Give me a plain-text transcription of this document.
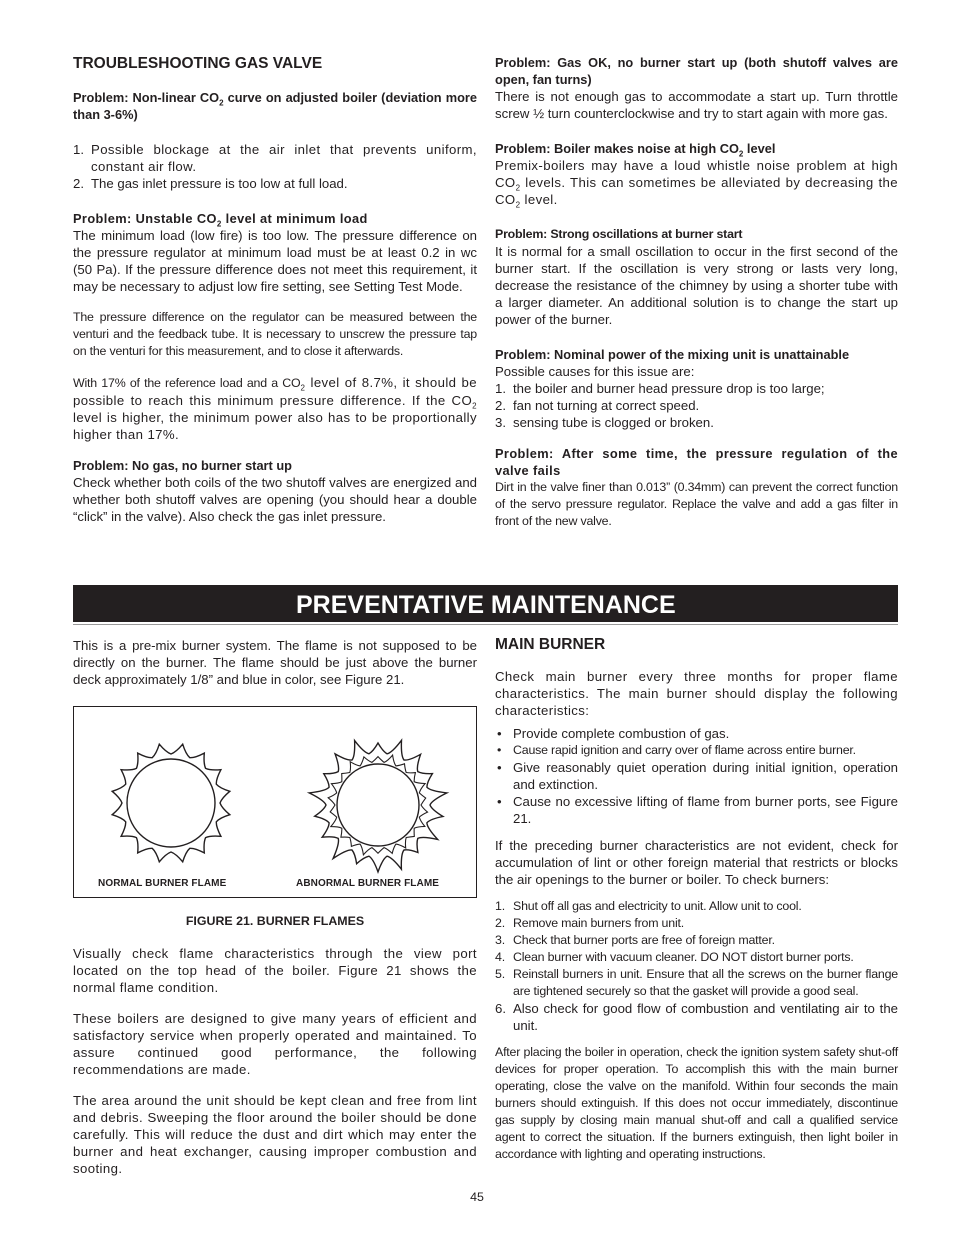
TROUBLESHOOTING GAS VALVE
Problem: Non-linear $CO_2$ curve on adjusted boiler (deviation more than 3-6%)
1. Possible blockage at the air inlet that prevents uniform, constant air flow.
2. The gas inlet pressure is too low at full load.
Problem: Unstable $CO_2$ level at minimum load

The minimum load (low fire) is too low. The pressure difference on the pressure regulator at minimum load must be at least 0.2 in wc (50 Pa). If the pressure difference does not meet this requirement, it may be necessary to adjust low fire setting, see Setting Test Mode.

The pressure difference on the regulator can be measured between the venturi and the feedback tube. It is necessary to unscrew the pressure tap on the venturi for this measurement, and to close it afterwards.

With 17% of the reference load and a $CO_2$ level of 8.7%, it should be possible to reach this minimum pressure difference. If the $CO_2$ level is higher, the minimum power also has to be proportionally higher than 17%.

Problem: No gas, no burner start up

Check whether both coils of the two shutoff valves are energized and whether both shutoff valves are opening (you should hear a double “click” in the valve). Also check the gas inlet pressure.

Problem: Gas OK, no burner start up (both shutoff valves are open, fan turns)

There is not enough gas to accommodate a start up. Turn throttle screw ½ turn counterclockwise and try to start again with more gas.

Problem: Boiler makes noise at high $CO_2$ level

Premix-boilers may have a loud whistle noise problem at high $CO_2$ levels. This can sometimes be alleviated by decreasing the $CO_2$ level.

Problem: Strong oscillations at burner start

It is normal for a small oscillation to occur in the first second of the burner start. If the oscillation is very strong or lasts very long, decrease the resistance of the chimney by using a shorter tube with a larger diameter. An additional solution is to change the start up power of the burner.

Problem: Nominal power of the mixing unit is unattainable

Possible causes for this issue are:

1. the boiler and burner head pressure drop is too large;
2. fan not turning at correct speed.
3. sensing tube is clogged or broken.
Problem: After some time, the pressure regulation of the valve fails

Dirt in the valve finer than 0.013” (0.34mm) can prevent the correct function of the servo pressure regulator. Replace the valve and add a gas filter in front of the new valve.

PREVENTATIVE MAINTENANCE

This is a pre-mix burner system. The flame is not supposed to be directly on the burner. The flame should be just above the burner deck approximately 1/8” and blue in color, see Figure 21.

NORMAL BURNER FLAME	ABNORMAL BURNER FLAME
FIGURE 21. BURNER FLAMES

Visually check flame characteristics through the view port located on the top head of the boiler. Figure 21 shows the normal flame condition.

These boilers are designed to give many years of efficient and satisfactory service when properly operated and maintained. To assure continued good performance, the following recommendations are made.

The area around the unit should be kept clean and free from lint and debris. Sweeping the floor around the boiler should be done carefully. This will reduce the dust and dirt which may enter the burner and heat exchanger, causing improper combustion and sooting.

MAIN BURNER

Check main burner every three months for proper flame characteristics. The main burner should display the following characteristics:

• Provide complete combustion of gas.
• Cause rapid ignition and carry over of flame across entire burner.
• Give reasonably quiet operation during initial ignition, operation and extinction.
• Cause no excessive lifting of flame from burner ports, see Figure 21.

If the preceding burner characteristics are not evident, check for accumulation of lint or other foreign material that restricts or blocks the air openings to the burner or boiler. To check burners:

1. Shut off all gas and electricity to unit. Allow unit to cool.
2. Remove main burners from unit.
3. Check that burner ports are free of foreign matter.
4. Clean burner with vacuum cleaner. DO NOT distort burner ports.
5. Reinstall burners in unit. Ensure that all the screws on the burner flange are tightened securely so that the gasket will provide a good seal.
6. Also check for good flow of combustion and ventilating air to the unit.

After placing the boiler in operation, check the ignition system safety shut-off devices for proper operation. To accomplish this with the main burner operating, close the valve on the manifold. Within four seconds the main burners should extinguish. If this does not occur immediately, discontinue gas supply by closing main manual shut-off and call a qualified service agent to correct the situation. If the burners extinguish, then light boiler in accordance with lighting and operating instructions.

45
